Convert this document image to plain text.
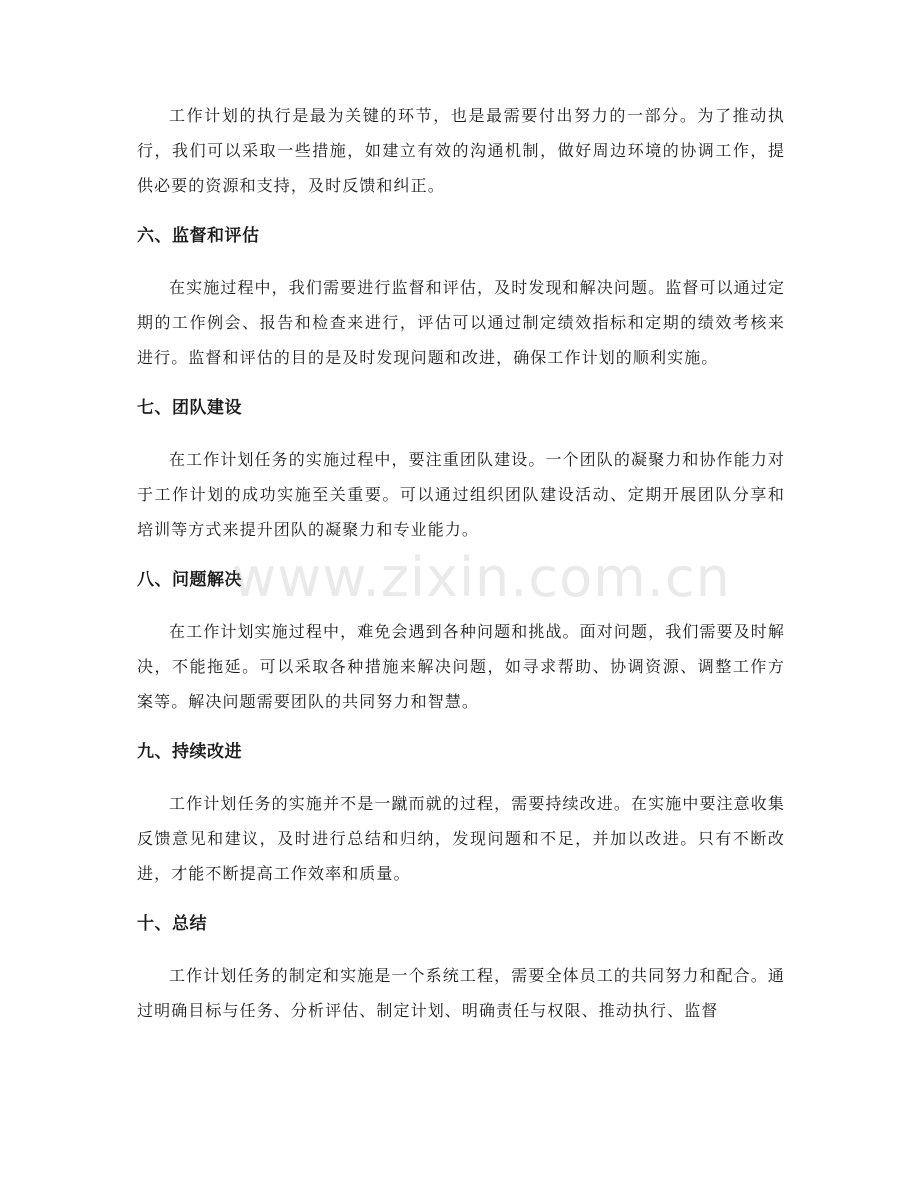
工作计划的执行是最为关键的环节，也是最需要付出努力的一部分。为了推动执行，我们可以采取一些措施，如建立有效的沟通机制，做好周边环境的协调工作，提供必要的资源和支持，及时反馈和纠正。

六、监督和评估

在实施过程中，我们需要进行监督和评估，及时发现和解决问题。监督可以通过定期的工作例会、报告和检查来进行，评估可以通过制定绩效指标和定期的绩效考核来进行。监督和评估的目的是及时发现问题和改进，确保工作计划的顺利实施。

七、团队建设

在工作计划任务的实施过程中，要注重团队建设。一个团队的凝聚力和协作能力对于工作计划的成功实施至关重要。可以通过组织团队建设活动、定期开展团队分享和培训等方式来提升团队的凝聚力和专业能力。

八、问题解决

在工作计划实施过程中，难免会遇到各种问题和挑战。面对问题，我们需要及时解决，不能拖延。可以采取各种措施来解决问题，如寻求帮助、协调资源、调整工作方案等。解决问题需要团队的共同努力和智慧。

九、持续改进

工作计划任务的实施并不是一蹴而就的过程，需要持续改进。在实施中要注意收集反馈意见和建议，及时进行总结和归纳，发现问题和不足，并加以改进。只有不断改进，才能不断提高工作效率和质量。

十、总结

工作计划任务的制定和实施是一个系统工程，需要全体员工的共同努力和配合。通过明确目标与任务、分析评估、制定计划、明确责任与权限、推动执行、监督

www.zixin.com.cn
